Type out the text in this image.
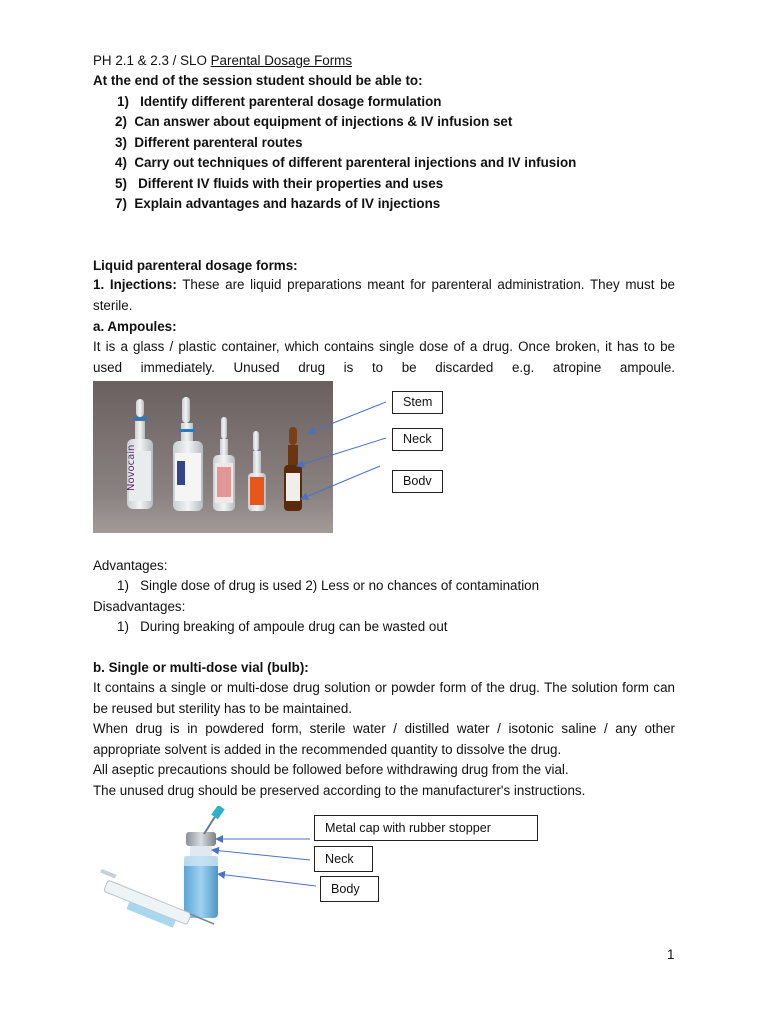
PH 2.1 & 2.3 / SLO Parental Dosage Forms
At the end of the session student should be able to:
1) Identify different parenteral dosage formulation
2) Can answer about equipment of injections & IV infusion set
3) Different parenteral routes
4) Carry out techniques of different parenteral injections and IV infusion
5) Different IV fluids with their properties and uses
7) Explain advantages and hazards of IV injections
Liquid parenteral dosage forms:
1. Injections: These are liquid preparations meant for parenteral administration. They must be sterile.
a. Ampoules:
It is a glass / plastic container, which contains single dose of a drug. Once broken, it has to be used immediately. Unused drug is to be discarded e.g. atropine ampoule.
Novocain
Stem
Neck
Bodv
Advantages:
1) Single dose of drug is used 2) Less or no chances of contamination
Disadvantages:
1) During breaking of ampoule drug can be wasted out
b. Single or multi-dose vial (bulb):
It contains a single or multi-dose drug solution or powder form of the drug. The solution form can be reused but sterility has to be maintained.
When drug is in powdered form, sterile water / distilled water / isotonic saline / any other appropriate solvent is added in the recommended quantity to dissolve the drug.
All aseptic precautions should be followed before withdrawing drug from the vial.
The unused drug should be preserved according to the manufacturer's instructions.
Metal cap with rubber stopper
Neck
Body
1
